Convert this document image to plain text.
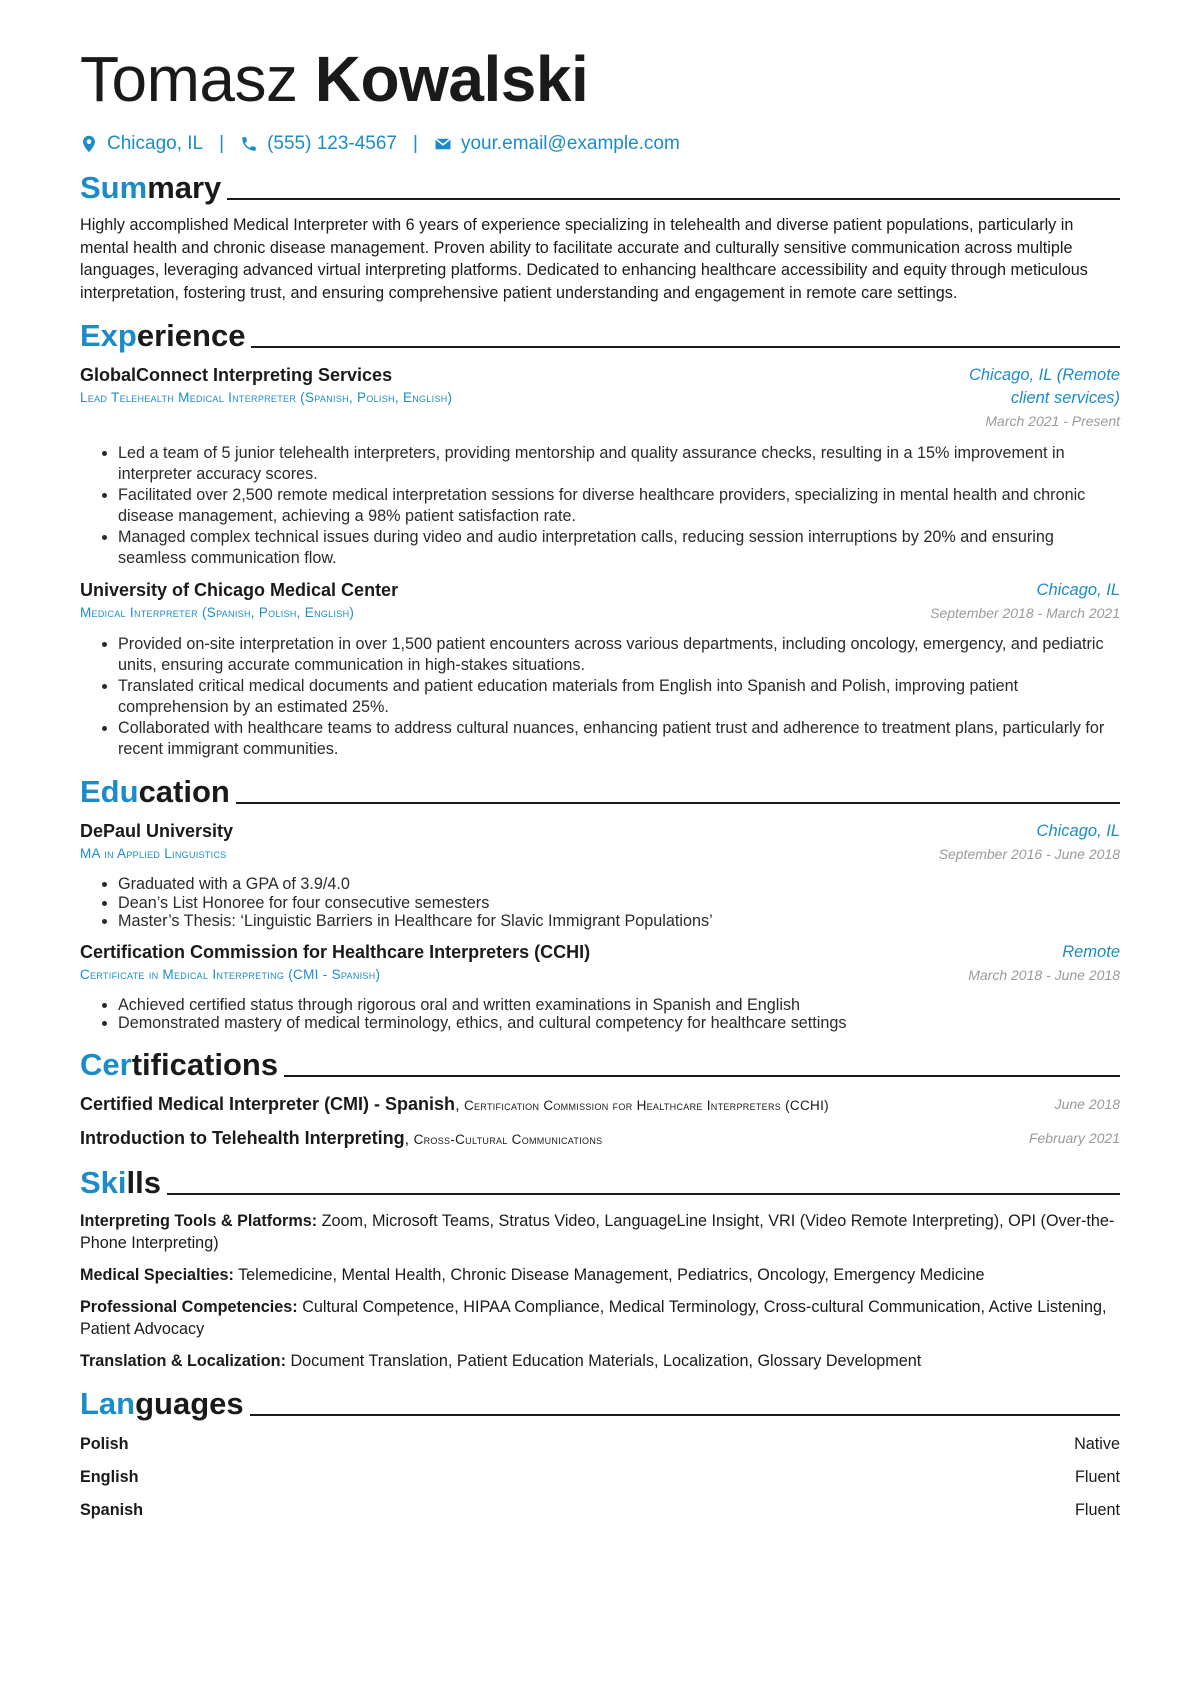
Tomasz Kowalski
Chicago, IL | (555) 123-4567 | your.email@example.com
Summary
Highly accomplished Medical Interpreter with 6 years of experience specializing in telehealth and diverse patient populations, particularly in mental health and chronic disease management. Proven ability to facilitate accurate and culturally sensitive communication across multiple languages, leveraging advanced virtual interpreting platforms. Dedicated to enhancing healthcare accessibility and equity through meticulous interpretation, fostering trust, and ensuring comprehensive patient understanding and engagement in remote care settings.
Experience
GlobalConnect Interpreting Services
Lead Telehealth Medical Interpreter (Spanish, Polish, English)
Chicago, IL (Remote client services)
March 2021 - Present
• Led a team of 5 junior telehealth interpreters, providing mentorship and quality assurance checks, resulting in a 15% improvement in interpreter accuracy scores.
• Facilitated over 2,500 remote medical interpretation sessions for diverse healthcare providers, specializing in mental health and chronic disease management, achieving a 98% patient satisfaction rate.
• Managed complex technical issues during video and audio interpretation calls, reducing session interruptions by 20% and ensuring seamless communication flow.
University of Chicago Medical Center
Medical Interpreter (Spanish, Polish, English)
Chicago, IL
September 2018 - March 2021
• Provided on-site interpretation in over 1,500 patient encounters across various departments, including oncology, emergency, and pediatric units, ensuring accurate communication in high-stakes situations.
• Translated critical medical documents and patient education materials from English into Spanish and Polish, improving patient comprehension by an estimated 25%.
• Collaborated with healthcare teams to address cultural nuances, enhancing patient trust and adherence to treatment plans, particularly for recent immigrant communities.
Education
DePaul University
MA in Applied Linguistics
Chicago, IL
September 2016 - June 2018
• Graduated with a GPA of 3.9/4.0
• Dean’s List Honoree for four consecutive semesters
• Master’s Thesis: ‘Linguistic Barriers in Healthcare for Slavic Immigrant Populations’
Certification Commission for Healthcare Interpreters (CCHI)
Certificate in Medical Interpreting (CMI - Spanish)
Remote
March 2018 - June 2018
• Achieved certified status through rigorous oral and written examinations in Spanish and English
• Demonstrated mastery of medical terminology, ethics, and cultural competency for healthcare settings
Certifications
Certified Medical Interpreter (CMI) - Spanish, Certification Commission for Healthcare Interpreters (CCHI)	June 2018
Introduction to Telehealth Interpreting, Cross-Cultural Communications	February 2021
Skills
Interpreting Tools & Platforms: Zoom, Microsoft Teams, Stratus Video, LanguageLine Insight, VRI (Video Remote Interpreting), OPI (Over-the-Phone Interpreting)
Medical Specialties: Telemedicine, Mental Health, Chronic Disease Management, Pediatrics, Oncology, Emergency Medicine
Professional Competencies: Cultural Competence, HIPAA Compliance, Medical Terminology, Cross-cultural Communication, Active Listening, Patient Advocacy
Translation & Localization: Document Translation, Patient Education Materials, Localization, Glossary Development
Languages
Polish	Native
English	Fluent
Spanish	Fluent
